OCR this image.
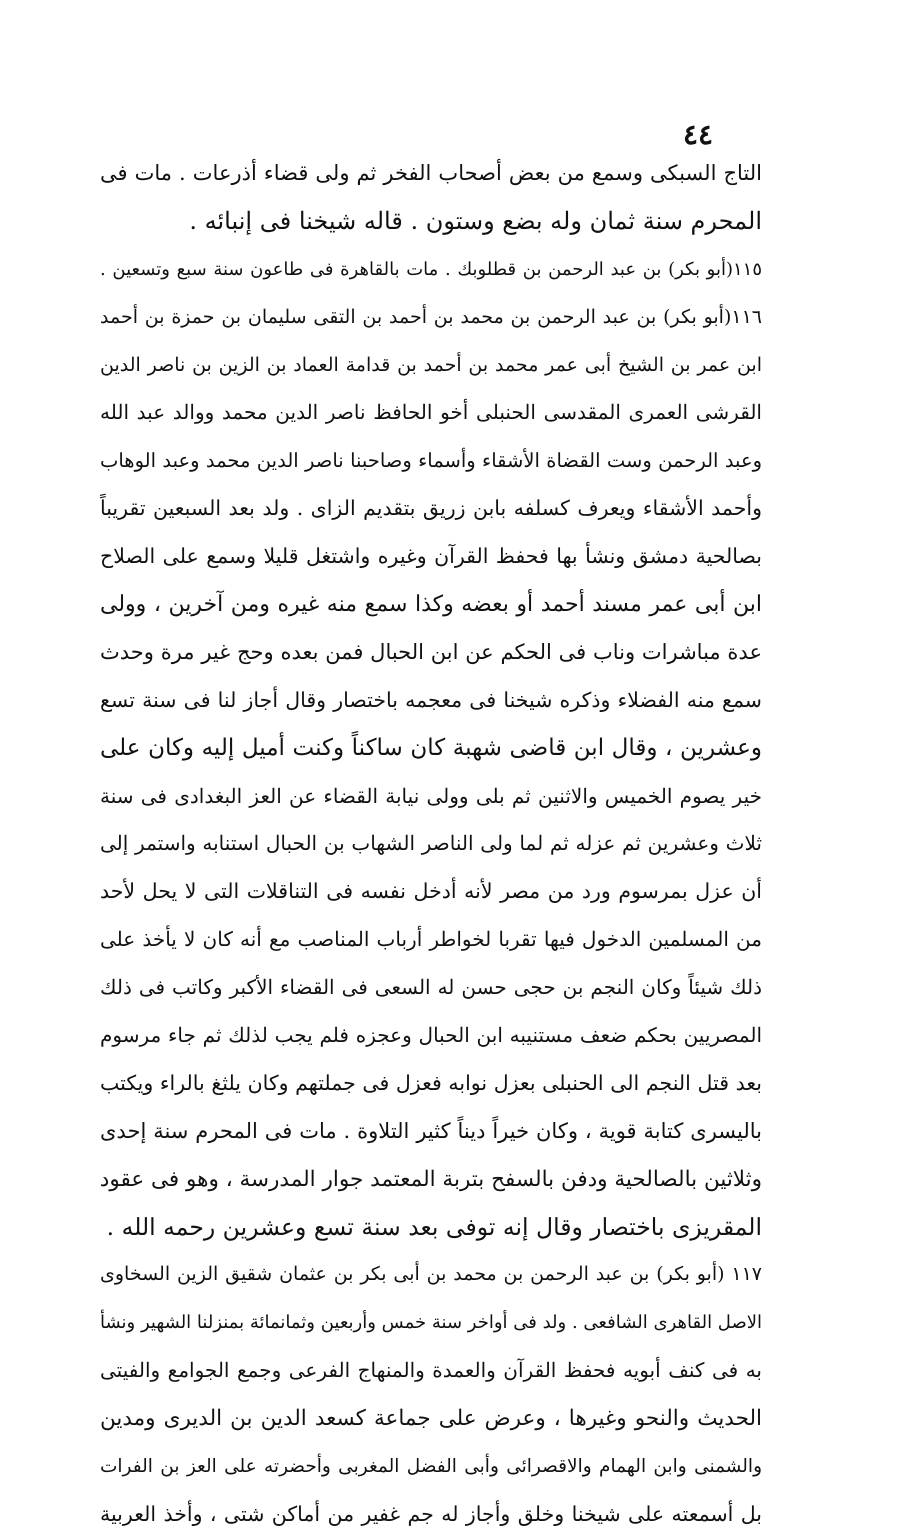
٤٤
التاج السبكى وسمع من بعض أصحاب الفخر ثم ولى قضاء أذرعات . مات فى
المحرم سنة ثمان وله بضع وستون . قاله شيخنا فى إنبائه .
١١٥(أبو بكر) بن عبد الرحمن بن قطلوبك . مات بالقاهرة فى طاعون سنة سبع وتسعين .
١١٦(أبو بكر) بن عبد الرحمن بن محمد بن أحمد بن التقى سليمان بن حمزة بن أحمد
ابن عمر بن الشيخ أبى عمر محمد بن أحمد بن قدامة العماد بن الزين بن ناصر الدين
القرشى العمرى المقدسى الحنبلى أخو الحافظ ناصر الدين محمد ووالد عبد الله
وعبد الرحمن وست القضاة الأشقاء وأسماء وصاحبنا ناصر الدين محمد وعبد الوهاب
وأحمد الأشقاء ويعرف كسلفه بابن زريق بتقديم الزاى . ولد بعد السبعين تقريباً
بصالحية دمشق ونشأ بها فحفظ القرآن وغيره واشتغل قليلا وسمع على الصلاح
ابن أبى عمر مسند أحمد أو بعضه وكذا سمع منه غيره ومن آخرين ، وولى
عدة مباشرات وناب فى الحكم عن ابن الحبال فمن بعده وحج غير مرة وحدث
سمع منه الفضلاء وذكره شيخنا فى معجمه باختصار وقال أجاز لنا فى سنة تسع
وعشرين ، وقال ابن قاضى شهبة كان ساكناً وكنت أميل إليه وكان على
خير يصوم الخميس والاثنين ثم بلى وولى نيابة القضاء عن العز البغدادى فى سنة
ثلاث وعشرين ثم عزله ثم لما ولى الناصر الشهاب بن الحبال استنابه واستمر إلى
أن عزل بمرسوم ورد من مصر لأنه أدخل نفسه فى التناقلات التى لا يحل لأحد
من المسلمين الدخول فيها تقربا لخواطر أرباب المناصب مع أنه كان لا يأخذ على
ذلك شيئاً وكان النجم بن حجى حسن له السعى فى القضاء الأكبر وكاتب فى ذلك
المصريين بحكم ضعف مستنيبه ابن الحبال وعجزه فلم يجب لذلك ثم جاء مرسوم
بعد قتل النجم الى الحنبلى بعزل نوابه فعزل فى جملتهم وكان يلثغ بالراء ويكتب
باليسرى كتابة قوية ، وكان خيراً ديناً كثير التلاوة . مات فى المحرم سنة إحدى
وثلاثين بالصالحية ودفن بالسفح بتربة المعتمد جوار المدرسة ، وهو فى عقود
المقريزى باختصار وقال إنه توفى بعد سنة تسع وعشرين رحمه الله .
١١٧ (أبو بكر) بن عبد الرحمن بن محمد بن أبى بكر بن عثمان شقيق الزين السخاوى
الاصل القاهرى الشافعى . ولد فى أواخر سنة خمس وأربعين وثمانمائة بمنزلنا الشهير ونشأ
به فى كنف أبويه فحفظ القرآن والعمدة والمنهاج الفرعى وجمع الجوامع والفيتى
الحديث والنحو وغيرها ، وعرض على جماعة كسعد الدين بن الديرى ومدين
والشمنى وابن الهمام والاقصرائى وأبى الفضل المغربى وأحضرته على العز بن الفرات
بل أسمعته على شيخنا وخلق وأجاز له جم غفير من أماكن شتى ، وأخذ العربية
